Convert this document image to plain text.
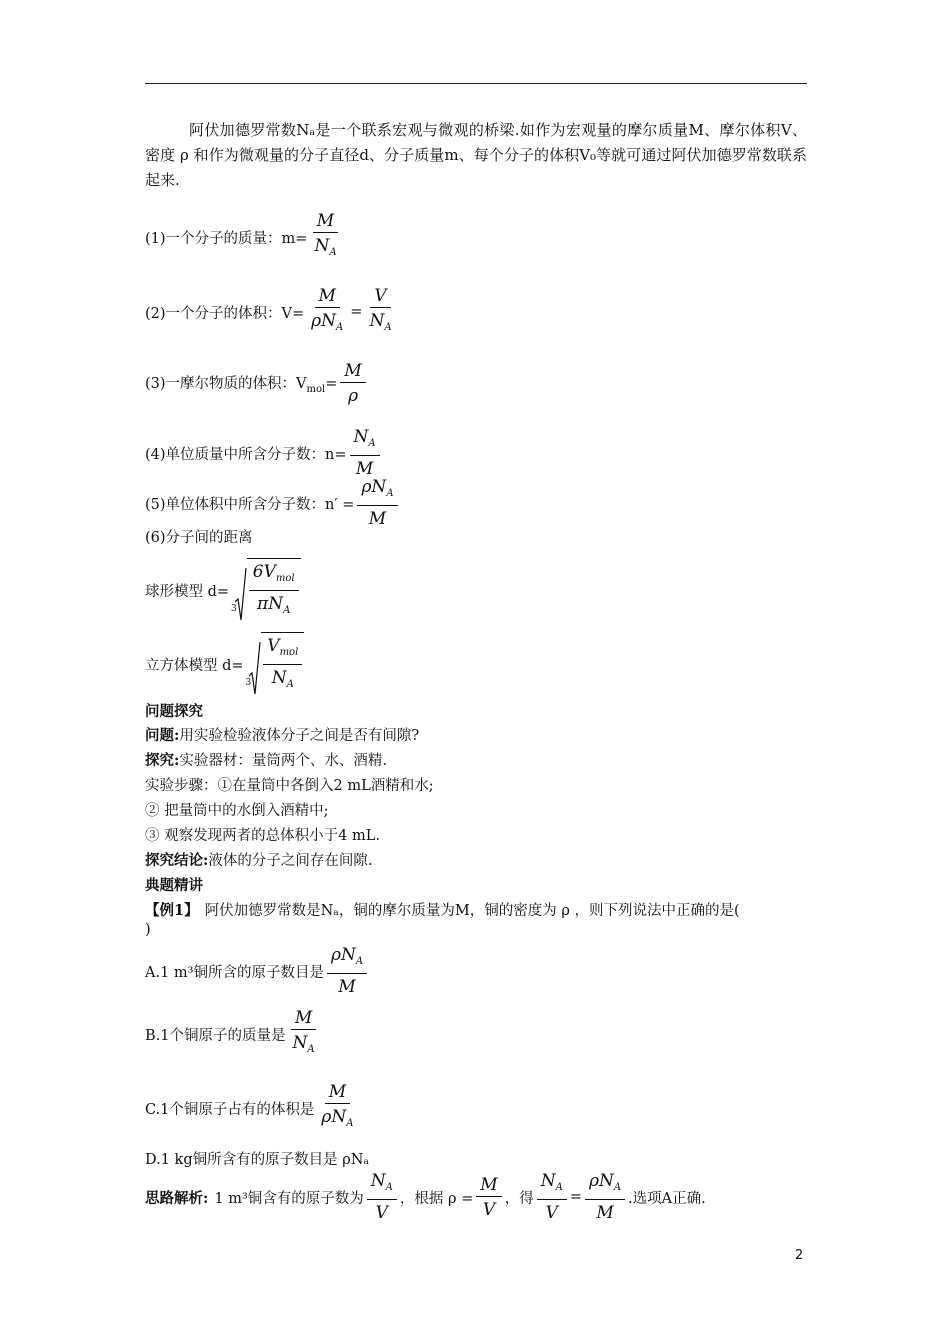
阿伏加德罗常数Nₐ是一个联系宏观与微观的桥梁.如作为宏观量的摩尔质量M、摩尔体积V、密度 ρ 和作为微观量的分子直径d、分子质量m、每个分子的体积V₀等就可通过阿伏加德罗常数联系起来.

(1)一个分子的质量：$m= \frac{M}{N_A}$
(2)一个分子的体积：$V= \frac{M}{\rho N_A} = \frac{V}{N_A}$
(3)一摩尔物质的体积：$V_{mol}= \frac{M}{\rho}$
(4)单位质量中所含分子数：$n= \frac{N_A}{M}$
(5)单位体积中所含分子数：$n' = \frac{\rho N_A}{M}$
(6)分子间的距离
球形模型 d=
$3 \frac{6V_{mol}}{\pi N_A}$
立方体模型 d=
$3 \frac{V_{mol}}{N_A}$
问题探究
问题: 用实验检验液体分子之间是否有间隙?
探究: 实验器材：量筒两个、水、酒精.
实验步骤：①在量筒中各倒入2 mL酒精和水;
② 把量筒中的水倒入酒精中;
③ 观察发现两者的总体积小于4 mL.
探究结论: 液体的分子之间存在间隙.
典题精讲
【例1】 阿伏加德罗常数是Nₐ，铜的摩尔质量为M，铜的密度为 ρ ，则下列说法中正确的是(
)
A.1 m³铜所含的原子数目是 $\frac{\rho N_A}{M}$
B.1个铜原子的质量是 $\frac{M}{N_A}$
C.1个铜原子占有的体积是 $\frac{M}{\rho N_A}$
D.1 kg铜所含有的原子数目是 ρNₐ
思路解析: 1 m³铜含有的原子数为 $\frac{N_A}{V}$ ，根据 $\rho = \frac{M}{V}$ ，得 $\frac{N_A}{V} = \frac{\rho N_A}{M}$ .选项A正确.
2
